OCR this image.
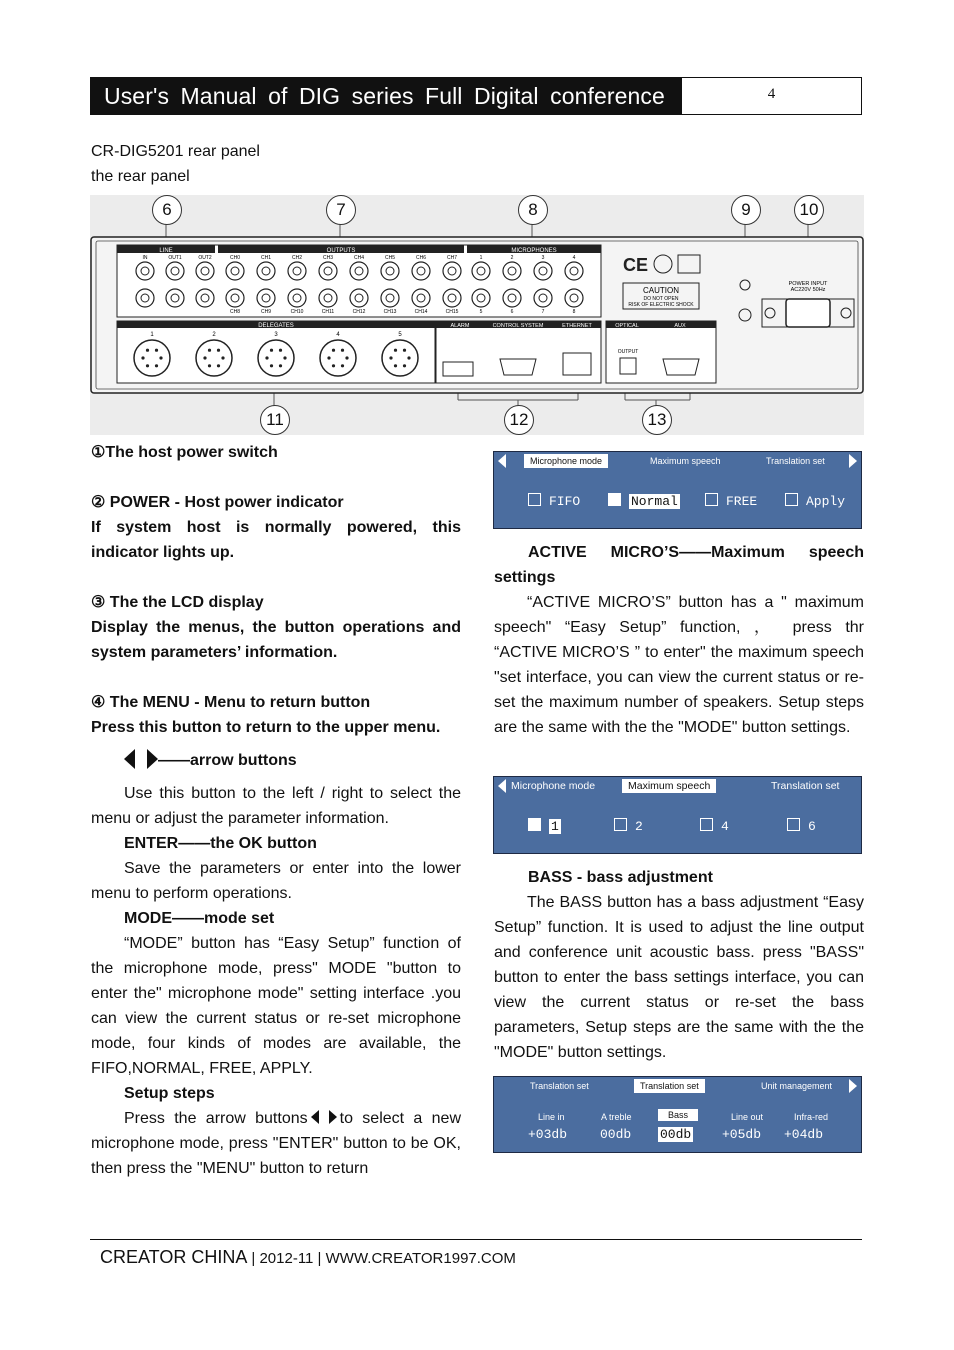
User's Manual of DIG series Full Digital conference	4
CR-DIG5201 rear panel
the rear panel
LINE	OUTPUTS	MICROPHONES
IN	OUT1	OUT2	CH0	CH1	CH2	CH3	CH4	CH5	CH6	CH7
CH8	CH9	CH10	CH11	CH12	CH13	CH14	CH15
1	2	3	4
5	6	7	8
CE
CAUTION
DO NOT OPEN
RISK OF ELECTRIC SHOCK
POWER INPUT
AC220V 50Hz
DELEGATES
1	2	3	4	5
ALARM	CONTROL SYSTEM	ETHERNET	OPTICAL	AUX
OUTPUT
6	7	8	9	10
11	12	13

①The host power switch

② POWER - Host power indicator

If system host is normally powered, this indicator lights up.

③ The the LCD display

Display the menus, the button operations and system parameters’ information.

④ The MENU - Menu to return button

Press this button to return to the upper menu.

——arrow buttons

Use this button to the left / right to select the menu or adjust the parameter information.

ENTER——the OK button

Save the parameters or enter into the lower menu to perform operations.

MODE——mode set

“MODE” button has “Easy Setup” function of the microphone mode, press" MODE "button to enter the" microphone mode" setting interface .you can view the current status or re-set microphone mode, four kinds of modes are available, the FIFO,NORMAL, FREE, APPLY.

Setup steps

Press the arrow buttons to select a new microphone mode, press "ENTER" button to be OK, then press the "MENU" button to return

Microphone mode	Maximum speech	Translation set
FIFO	Normal	FREE	Apply

ACTIVE MICRO’S——Maximum speech settings

“ACTIVE MICRO’S” button has a " maximum speech" “Easy Setup” function, ， press thr “ACTIVE MICRO’S ” to enter" the maximum speech "set interface, you can view the current status or re-set the maximum number of speakers. Setup steps are the same with the the "MODE" button settings.

Microphone mode	Maximum speech	Translation set
1	2	4	6

BASS - bass adjustment

The BASS button has a bass adjustment “Easy Setup” function. It is used to adjust the line output and conference unit acoustic bass. press "BASS" button to enter the bass settings interface, you can view the current status or re-set the bass parameters, Setup steps are the same with the the "MODE" button settings.

Translation set	Translation set	Unit management
Line in	A treble	Bass	Line out	Infra-red
+03db	00db 00db +05db +04db
CREATOR CHINA | 2012-11 | WWW.CREATOR1997.COM
